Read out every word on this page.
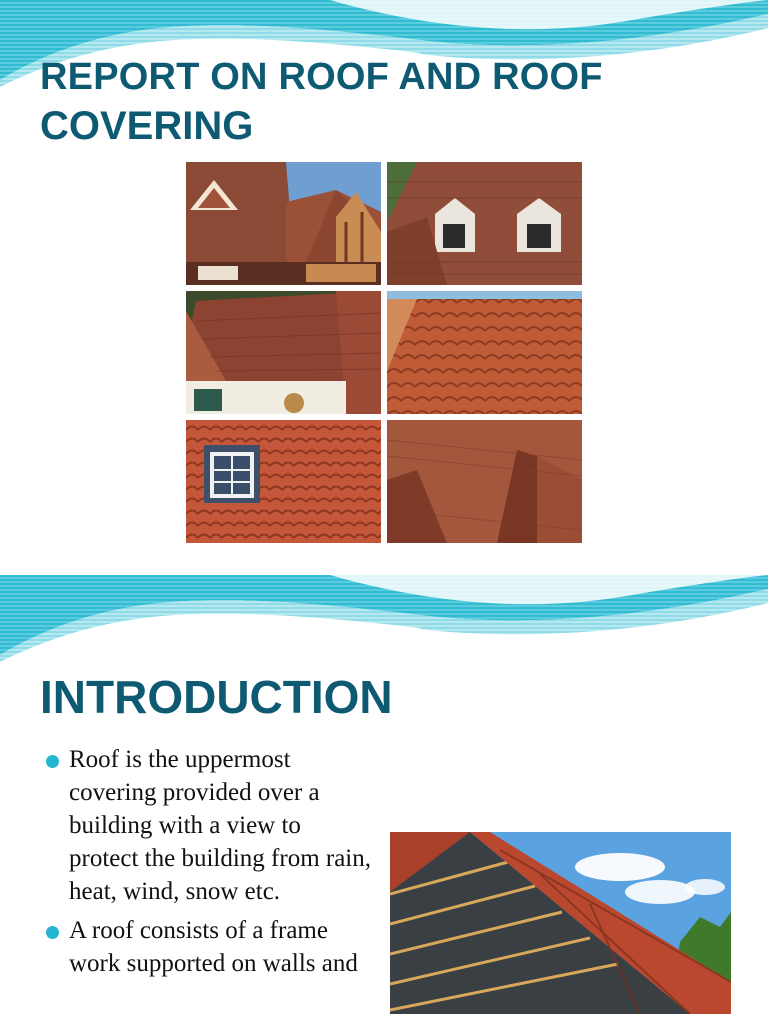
REPORT ON ROOF AND ROOF
COVERING
INTRODUCTION
Roof is the uppermost covering provided over a building with a view to protect the building from rain, heat, wind, snow etc.
A roof consists of a frame work supported on walls and
